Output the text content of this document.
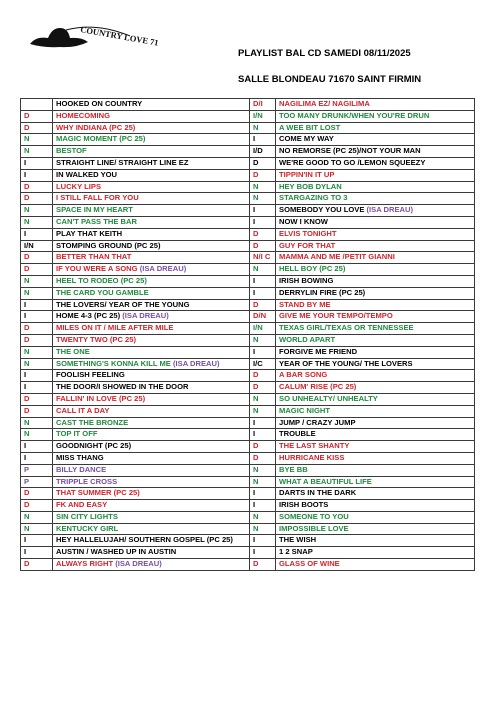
COUNTRY LOVE 71
PLAYLIST BAL CD SAMEDI 08/11/2025
SALLE BLONDEAU 71670 SAINT FIRMIN
	HOOKED ON COUNTRY	D/I	NAGILIMA EZ/ NAGILIMA
D	HOMECOMING	I/N	TOO MANY DRUNK/WHEN YOU'RE DRUN
D	WHY INDIANA (PC 25)	N	A WEE BIT LOST
N	MAGIC MOMENT (PC 25)	I	COME MY WAY
N	BESTOF	I/D	NO REMORSE (PC 25)/NOT YOUR MAN
I	STRAIGHT LINE/ STRAIGHT LINE EZ	D	WE'RE GOOD TO GO /LEMON SQUEEZY
I	IN WALKED YOU	D	TIPPIN'IN IT UP
D	LUCKY LIPS	N	HEY BOB DYLAN
D	I STILL FALL FOR YOU	N	STARGAZING TO 3
N	SPACE IN MY HEART	I	SOMEBODY YOU LOVE (ISA DREAU)
N	CAN'T PASS THE BAR	I	NOW I KNOW
I	PLAY THAT KEITH	D	ELVIS TONIGHT
I/N	STOMPING GROUND (PC 25)	D	GUY FOR THAT
D	BETTER THAN THAT	N/I C	MAMMA AND ME /PETIT GIANNI
D	IF YOU WERE A SONG (ISA DREAU)	N	HELL BOY (PC 25)
N	HEEL TO RODEO (PC 25)	I	IRISH BOWING
N	THE CARD YOU GAMBLE	I	DERRYLIN FIRE (PC 25)
I	THE LOVERS/ YEAR OF THE YOUNG	D	STAND BY ME
I	HOME 4-3 (PC 25) (ISA DREAU)	D/N	GIVE ME YOUR TEMPO/TEMPO
D	MILES ON IT / MILE AFTER MILE	I/N	TEXAS GIRL/TEXAS OR TENNESSEE
D	TWENTY TWO (PC 25)	N	WORLD APART
N	THE ONE	I	FORGIVE ME FRIEND
N	SOMETHING'S KONNA KILL ME (ISA DREAU)	I/C	YEAR OF THE YOUNG/ THE LOVERS
I	FOOLISH FEELING	D	A BAR SONG
I	THE DOOR/I SHOWED IN THE DOOR	D	CALUM' RISE (PC 25)
D	FALLIN' IN LOVE (PC 25)	N	SO UNHEALTY/ UNHEALTY
D	CALL IT A DAY	N	MAGIC NIGHT
N	CAST THE BRONZE	I	JUMP / CRAZY JUMP
N	TOP IT OFF	I	TROUBLE
I	GOODNIGHT (PC 25)	D	THE LAST SHANTY
I	MISS THANG	D	HURRICANE KISS
P	BILLY DANCE	N	BYE BB
P	TRIPPLE CROSS	N	WHAT A BEAUTIFUL LIFE
D	THAT SUMMER (PC 25)	I	DARTS IN THE DARK
D	FK AND EASY	I	IRISH BOOTS
N	SIN CITY LIGHTS	N	SOMEONE TO YOU
N	KENTUCKY GIRL	N	IMPOSSIBLE LOVE
I	HEY HALLELUJAH/ SOUTHERN GOSPEL (PC 25)	I	THE WISH
I	AUSTIN / WASHED UP IN AUSTIN	I	1 2 SNAP
D	ALWAYS RIGHT (ISA DREAU)	D	GLASS OF WINE
